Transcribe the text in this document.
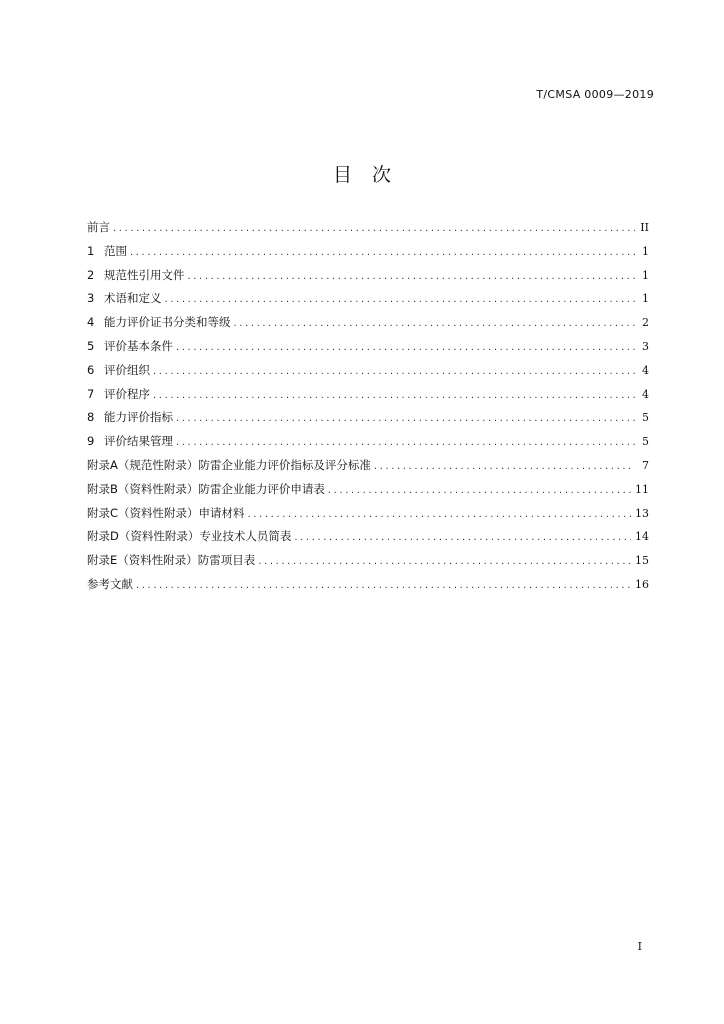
T/CMSA 0009—2019
目次
前言 .....	II
1 范围 .....	1
2 规范性引用文件 .....	1
3 术语和定义 .....	1
4 能力评价证书分类和等级 .....	2
5 评价基本条件 .....	3
6 评价组织 .....	4
7 评价程序 .....	4
8 能力评价指标 .....	5
9 评价结果管理 .....	5
附录A（规范性附录）防雷企业能力评价指标及评分标准 .....	7
附录B（资料性附录）防雷企业能力评价申请表 .....	11
附录C（资料性附录）申请材料 .....	13
附录D（资料性附录）专业技术人员简表 .....	14
附录E（资料性附录）防雷项目表 .....	15
参考文献 .....	16
I
